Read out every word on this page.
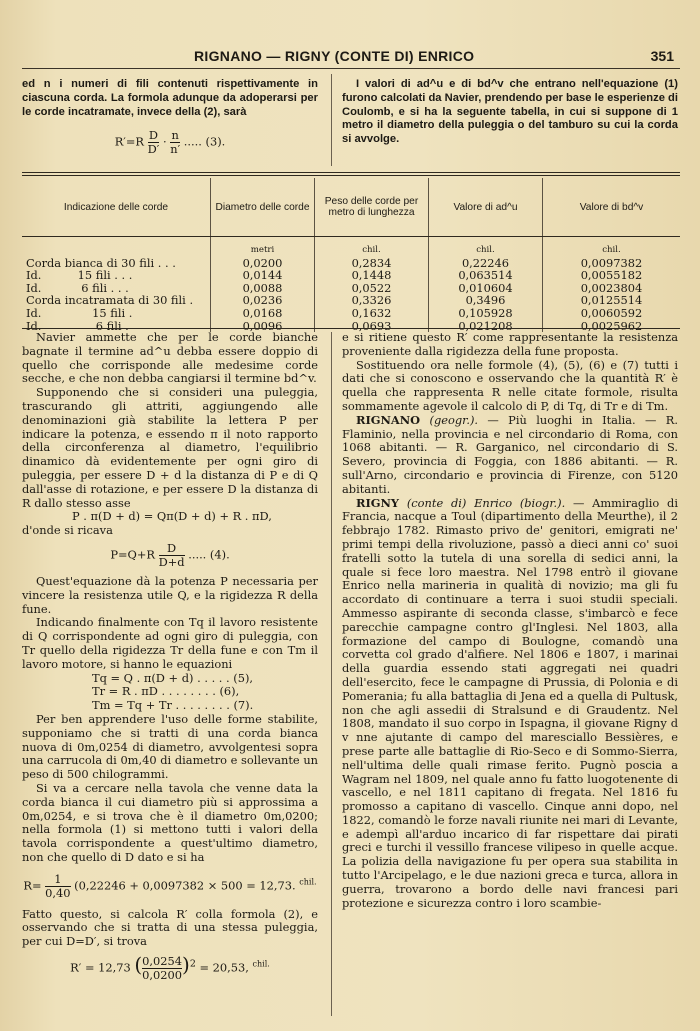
RIGNANO — RIGNY (CONTE DI) ENRICO	351

ed n i numeri di fili contenuti rispettivamente in ciascuna corda. La formola adunque da adoperarsi per le corde incatramate, invece della (2), sarà

$R'=R \frac{D}{D'} \cdot \frac{n}{n'}$ ..... (3).

I valori di ad^u e di bd^v che entrano nell'equazione (1) furono calcolati da Navier, prendendo per base le esperienze di Coulomb, e si ha la seguente tabella, in cui si suppone di 1 metro il diametro della puleggia o del tamburo su cui la corda si avvolge.

Indicazione delle corde	Diametro delle corde	Peso delle corde per metro di lunghezza	Valore di ad^u	Valore di bd^v
	metri	chil.	chil.	chil.
Corda bianca di 30 fili . . .	0,0200	0,2834	0,22246	0,0097382
Id.          15 fili . . .	0,0144	0,1448	0,063514	0,0055182
Id.           6 fili . . .	0,0088	0,0522	0,010604	0,0023804
Corda incatramata di 30 fili .	0,0236	0,3326	0,3496	0,0125514
Id.              15 fili .	0,0168	0,1632	0,105928	0,0060592
Id.               6 fili .	0,0096	0,0693	0,021208	0,0025962

Navier ammette che per le corde bianche bagnate il termine ad^u debba essere doppio di quello che corrisponde alle medesime corde secche, e che non debba cangiarsi il termine bd^v.

Supponendo che si consideri una puleggia, trascurando gli attriti, aggiungendo alle denominazioni già stabilite la lettera P per indicare la potenza, e essendo π il noto rapporto della circonferenza al diametro, l'equilibrio dinamico dà evidentemente per ogni giro di puleggia, per essere D + d la distanza di P e di Q dall'asse di rotazione, e per essere D la distanza di R dallo stesso asse

P . π(D + d) = Qπ(D + d) + R . πD,

d'onde si ricava

$P=Q+R \frac{D}{D+d}$ ..... (4).

Quest'equazione dà la potenza P necessaria per vincere la resistenza utile Q, e la rigidezza R della fune.

Indicando finalmente con Tq il lavoro resistente di Q corrispondente ad ogni giro di puleggia, con Tr quello della rigidezza Tr della fune e con Tm il lavoro motore, si hanno le equazioni

Tq = Q . π(D + d) . . . . . (5),
Tr = R . πD . . . . . . . . (6),
Tm = Tq + Tr . . . . . . . . (7).

Per ben apprendere l'uso delle forme stabilite, supponiamo che si tratti di una corda bianca nuova di 0m,0254 di diametro, avvolgentesi sopra una carrucola di 0m,40 di diametro e sollevante un peso di 500 chilogrammi.

Si va a cercare nella tavola che venne data la corda bianca il cui diametro più si approssima a 0m,0254, e si trova che è il diametro 0m,0200; nella formola (1) si mettono tutti i valori della tavola corrispondente a quest'ultimo diametro, non che quello di D dato e si ha

$R= \frac{1}{0,40} (0,22246 + 0,0097382 \times 500 = 12,73$. $^{chil.}$

Fatto questo, si calcola R′ colla formola (2), e osservando che si tratta di una stessa puleggia, per cui D=D′, si trova

R′ = 12,73 ( $\frac{0,0254}{0,0200} )^2 = 20,53$, $^{chil.}$

e si ritiene questo R′ come rappresentante la resistenza proveniente dalla rigidezza della fune proposta.

Sostituendo ora nelle formole (4), (5), (6) e (7) tutti i dati che si conoscono e osservando che la quantità R′ è quella che rappresenta R nelle citate formole, risulta sommamente agevole il calcolo di P, di Tq, di Tr e di Tm.

RIGNANO (geogr.). — Più luoghi in Italia. — R. Flaminio, nella provincia e nel circondario di Roma, con 1068 abitanti. — R. Garganico, nel circondario di S. Severo, provincia di Foggia, con 1886 abitanti. — R. sull'Arno, circondario e provincia di Firenze, con 5120 abitanti.

RIGNY (conte di) Enrico (biogr.). — Ammiraglio di Francia, nacque a Toul (dipartimento della Meurthe), il 2 febbrajo 1782. Rimasto privo de' genitori, emigrati ne' primi tempi della rivoluzione, passò a dieci anni co' suoi fratelli sotto la tutela di una sorella di sedici anni, la quale si fece loro maestra. Nel 1798 entrò il giovane Enrico nella marineria in qualità di novizio; ma gli fu accordato di continuare a terra i suoi studii speciali. Ammesso aspirante di seconda classe, s'imbarcò e fece parecchie campagne contro gl'Inglesi. Nel 1803, alla formazione del campo di Boulogne, comandò una corvetta col grado d'alfiere. Nel 1806 e 1807, i marinai della guardia essendo stati aggregati nei quadri dell'esercito, fece le campagne di Prussia, di Polonia e di Pomerania; fu alla battaglia di Jena ed a quella di Pultusk, non che agli assedii di Stralsund e di Graudentz. Nel 1808, mandato il suo corpo in Ispagna, il giovane Rigny d v nne ajutante di campo del maresciallo Bessières, e prese parte alle battaglie di Rio-Seco e di Sommo-Sierra, nell'ultima delle quali rimase ferito. Pugnò poscia a Wagram nel 1809, nel quale anno fu fatto luogotenente di vascello, e nel 1811 capitano di fregata. Nel 1816 fu promosso a capitano di vascello. Cinque anni dopo, nel 1822, comandò le forze navali riunite nei mari di Levante, e adempì all'arduo incarico di far rispettare dai pirati greci e turchi il vessillo francese vilipeso in quelle acque. La polizia della navigazione fu per opera sua stabilita in tutto l'Arcipelago, e le due nazioni greca e turca, allora in guerra, trovarono a bordo delle navi francesi pari protezione e sicurezza contro i loro scambie-
